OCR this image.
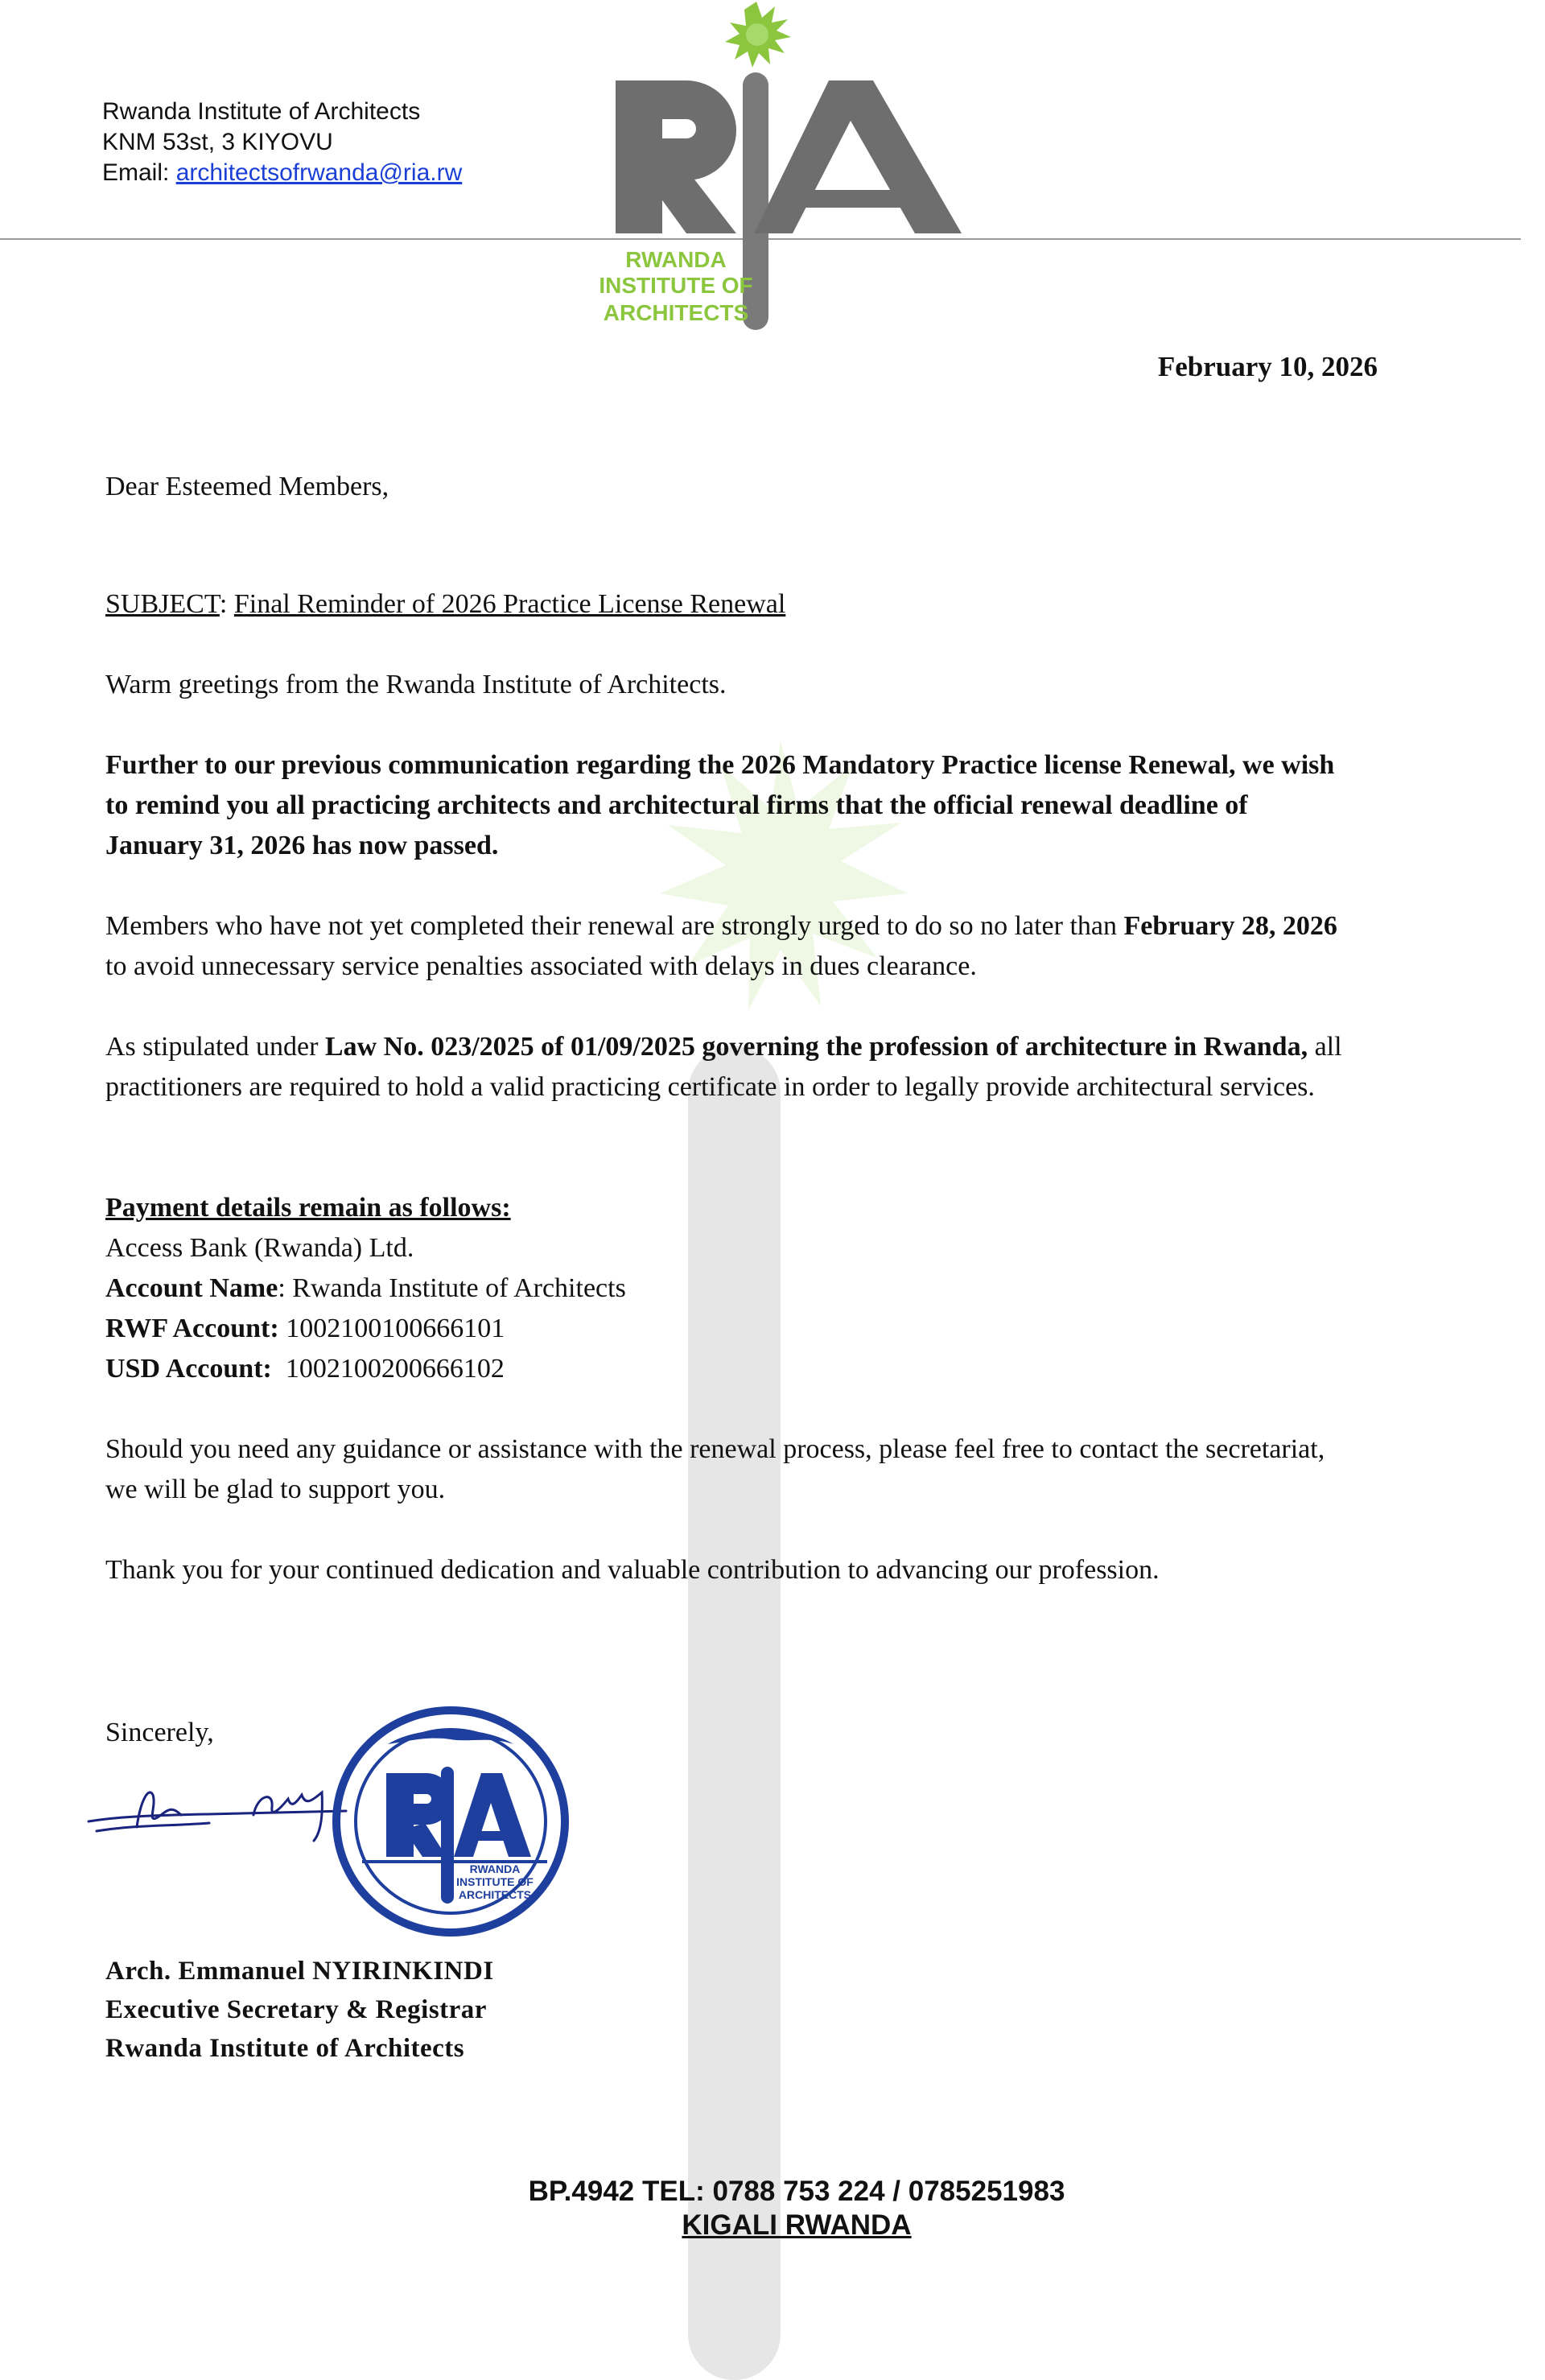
Rwanda Institute of Architects
KNM 53st, 3 KIYOVU
Email: architectsofrwanda@ria.rw
RWANDA
INSTITUTE OF
ARCHITECTS
February 10, 2026

Dear Esteemed Members,

SUBJECT: Final Reminder of 2026 Practice License Renewal

Warm greetings from the Rwanda Institute of Architects.

Further to our previous communication regarding the 2026 Mandatory Practice license Renewal, we wish
to remind you all practicing architects and architectural firms that the official renewal deadline of
January 31, 2026 has now passed.

Members who have not yet completed their renewal are strongly urged to do so no later than February 28, 2026
to avoid unnecessary service penalties associated with delays in dues clearance.

As stipulated under Law No. 023/2025 of 01/09/2025 governing the profession of architecture in Rwanda, all
practitioners are required to hold a valid practicing certificate in order to legally provide architectural services.

Payment details remain as follows:
Access Bank (Rwanda) Ltd.
Account Name: Rwanda Institute of Architects
RWF Account: 1002100100666101
USD Account:  1002100200666102

Should you need any guidance or assistance with the renewal process, please feel free to contact the secretariat,
we will be glad to support you.

Thank you for your continued dedication and valuable contribution to advancing our profession.

Sincerely,
RWANDA
INSTITUTE OF
ARCHITECTS
Arch. Emmanuel NYIRINKINDI
Executive Secretary & Registrar
Rwanda Institute of Architects
BP.4942 TEL: 0788 753 224 / 0785251983
KIGALI RWANDA
